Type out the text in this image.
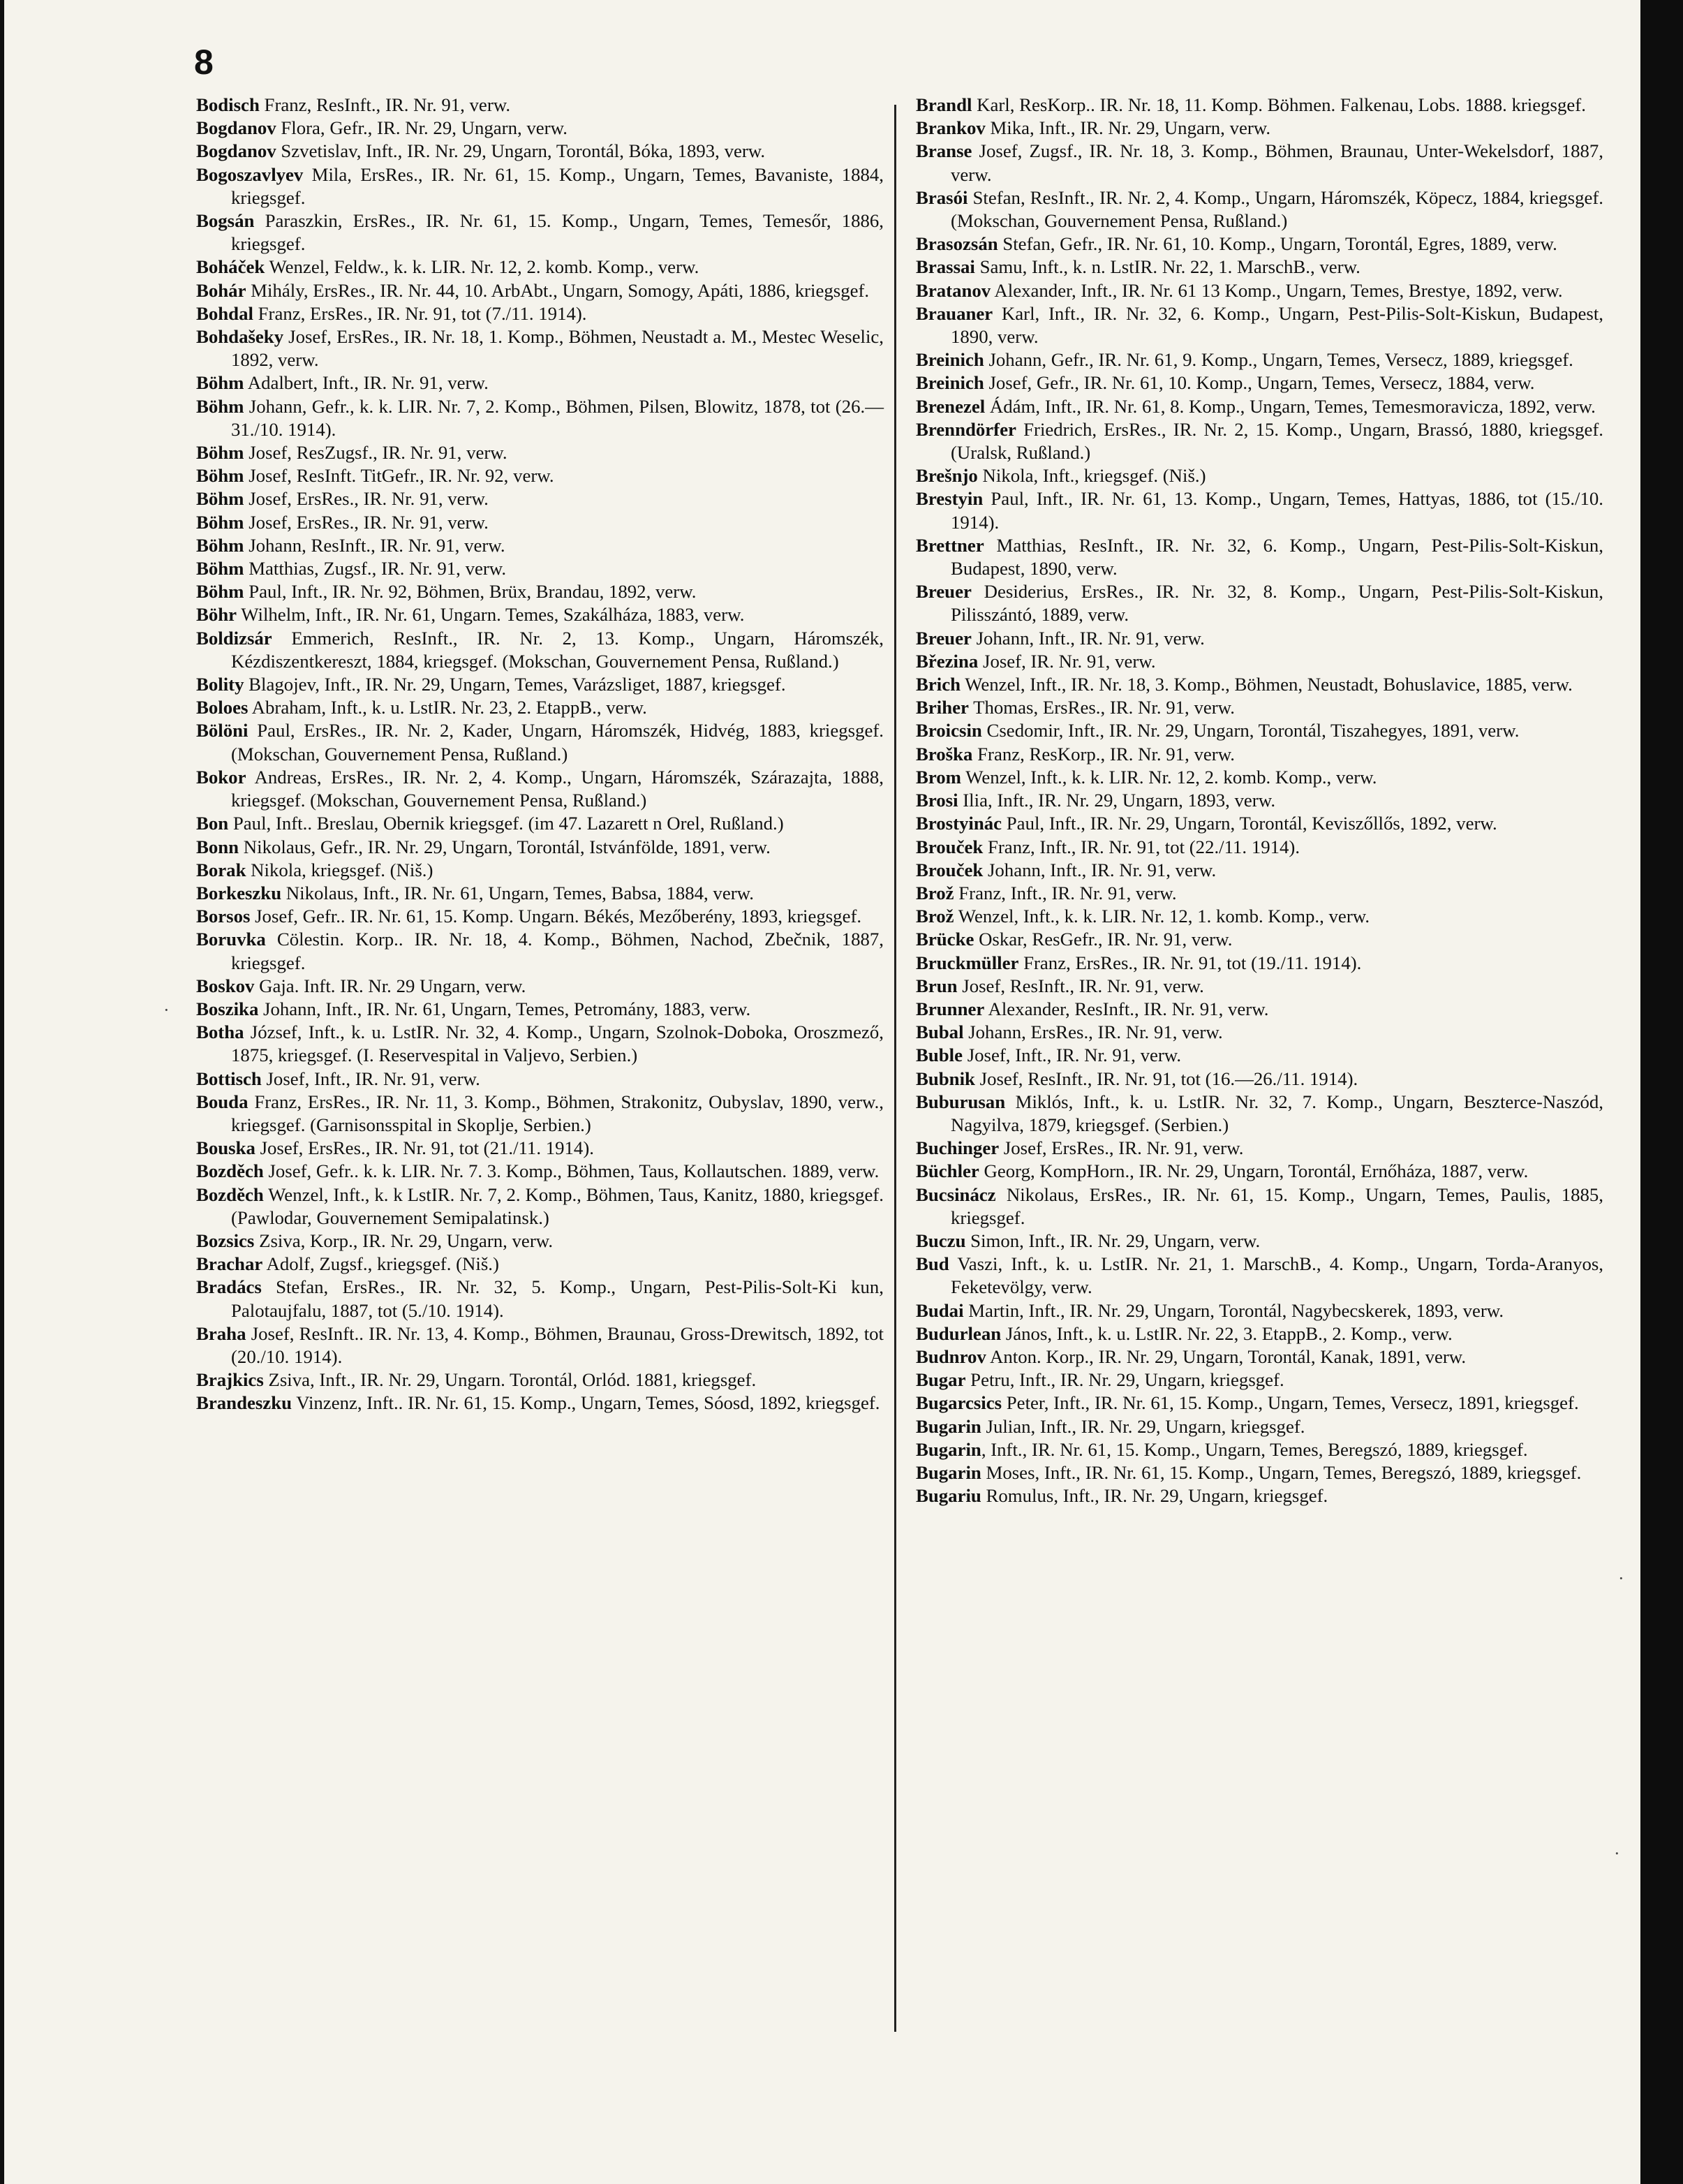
8

Bodisch Franz, ResInft., IR. Nr. 91, verw.

Bogdanov Flora, Gefr., IR. Nr. 29, Ungarn, verw.

Bogdanov Szvetislav, Inft., IR. Nr. 29, Ungarn, Torontál, Bóka, 1893, verw.

Bogoszavlyev Mila, ErsRes., IR. Nr. 61, 15. Komp., Ungarn, Temes, Bavaniste, 1884, kriegsgef.

Bogsán Paraszkin, ErsRes., IR. Nr. 61, 15. Komp., Ungarn, Temes, Temesőr, 1886, kriegsgef.

Boháček Wenzel, Feldw., k. k. LIR. Nr. 12, 2. komb. Komp., verw.

Bohár Mihály, ErsRes., IR. Nr. 44, 10. ArbAbt., Ungarn, Somogy, Apáti, 1886, kriegsgef.

Bohdal Franz, ErsRes., IR. Nr. 91, tot (7./11. 1914).

Bohdašeky Josef, ErsRes., IR. Nr. 18, 1. Komp., Böhmen, Neustadt a. M., Mestec Weselic, 1892, verw.

Böhm Adalbert, Inft., IR. Nr. 91, verw.

Böhm Johann, Gefr., k. k. LIR. Nr. 7, 2. Komp., Böhmen, Pilsen, Blowitz, 1878, tot (26.—31./10. 1914).

Böhm Josef, ResZugsf., IR. Nr. 91, verw.

Böhm Josef, ResInft. TitGefr., IR. Nr. 92, verw.

Böhm Josef, ErsRes., IR. Nr. 91, verw.

Böhm Josef, ErsRes., IR. Nr. 91, verw.

Böhm Johann, ResInft., IR. Nr. 91, verw.

Böhm Matthias, Zugsf., IR. Nr. 91, verw.

Böhm Paul, Inft., IR. Nr. 92, Böhmen, Brüx, Brandau, 1892, verw.

Böhr Wilhelm, Inft., IR. Nr. 61, Ungarn. Temes, Szakálháza, 1883, verw.

Boldizsár Emmerich, ResInft., IR. Nr. 2, 13. Komp., Ungarn, Háromszék, Kézdiszentkereszt, 1884, kriegsgef. (Mokschan, Gouvernement Pensa, Rußland.)

Bolity Blagojev, Inft., IR. Nr. 29, Ungarn, Temes, Varázsliget, 1887, kriegsgef.

Boloes Abraham, Inft., k. u. LstIR. Nr. 23, 2. EtappB., verw.

Bölöni Paul, ErsRes., IR. Nr. 2, Kader, Ungarn, Háromszék, Hidvég, 1883, kriegsgef. (Mokschan, Gouvernement Pensa, Rußland.)

Bokor Andreas, ErsRes., IR. Nr. 2, 4. Komp., Ungarn, Háromszék, Szárazajta, 1888, kriegsgef. (Mokschan, Gouvernement Pensa, Rußland.)

Bon Paul, Inft.. Breslau, Obernik kriegsgef. (im 47. Lazarett n Orel, Rußland.)

Bonn Nikolaus, Gefr., IR. Nr. 29, Ungarn, Torontál, Istvánföld‌e, 1891, verw.

Borak Nikola, kriegsgef. (Niš.)

Borkeszku Nikolaus, Inft., IR. Nr. 61, Ungarn, Temes, Babsa, 1884, verw.

Borsos Josef, Gefr.. IR. Nr. 61, 15. Komp. Ungarn. Békés, Mezőberény, 1893, kriegsgef.

Boruvka Cölestin. Korp.. IR. Nr. 18, 4. Komp., Böhmen, Nachod, Zbečnik, 1887, kriegsgef.

Boskov Gaja. Inft. IR. Nr. 29 Ungarn, verw.

Boszika Johann, Inft., IR. Nr. 61, Ungarn, Temes, Petromány, 1883, verw.

Botha József, Inft., k. u. LstIR. Nr. 32, 4. Komp., Ungarn, Szolnok-Doboka, Oroszmező, 1875, kriegsgef. (I. Reservespital in Valjevo, Serbien.)

Bottisch Josef, Inft., IR. Nr. 91, verw.

Bouda Franz, ErsRes., IR. Nr. 11, 3. Komp., Böhmen, Strakonitz, Oubyslav, 1890, verw., kriegsgef. (Garnisonsspital in Skoplje, Serbien.)

Bouska Josef, ErsRes., IR. Nr. 91, tot (21./11. 1914).

Bozděch Josef, Gefr.. k. k. LIR. Nr. 7. 3. Komp., Böhmen, Taus, Kollautschen. 1889, verw.

Bozděch Wenzel, Inft., k. k LstIR. Nr. 7, 2. Komp., Böhmen, Taus, Kanitz, 1880, kriegsgef. (Pawlodar, Gouvernement Semipalatinsk.)

Bozsics Zsiva, Korp., IR. Nr. 29, Ungarn, verw.

Brachar Adolf, Zugsf., kriegsgef. (Niš.)

Bradács Stefan, ErsRes., IR. Nr. 32, 5. Komp., Ungarn, Pest-Pilis-Solt-Ki kun, Palotaujfalu, 1887, tot (5./10. 1914).

Braha Josef, ResInft.. IR. Nr. 13, 4. Komp., Böhmen, Braunau, Gross-Drewitsch, 1892, tot (20./10. 1914).

Brajkics Zsiva, Inft., IR. Nr. 29, Ungarn. Torontál, Orlód. 1881, kriegsgef.

Brandeszku Vinzenz, Inft.. IR. Nr. 61, 15. Komp., Ungarn, Temes, Sóosd, 1892, kriegsgef.

Brandl Karl, ResKorp.. IR. Nr. 18, 11. Komp. Böhmen. Falkenau, Lobs. 1888. kriegsgef.

Brankov Mika, Inft., IR. Nr. 29, Ungarn, verw.

Branse Josef, Zugsf., IR. Nr. 18, 3. Komp., Böhmen, Braunau, Unter-Wekelsdorf, 1887, verw.

Brasói Stefan, ResInft., IR. Nr. 2, 4. Komp., Ungarn, Háromszék, Köpecz, 1884, kriegsgef. (Mokschan, Gouvernement Pensa, Rußland.)

Brasozsán Stefan, Gefr., IR. Nr. 61, 10. Komp., Ungarn, Torontál, Egres, 1889, verw.

Brassai Samu, Inft., k. n. LstIR. Nr. 22, 1. MarschB., verw.

Bratanov Alexander, Inft., IR. Nr. 61 13 Komp., Ungarn, Temes, Brestye, 1892, verw.

Brauaner Karl, Inft., IR. Nr. 32, 6. Komp., Ungarn, Pest-Pilis-Solt-Kiskun, Budapest, 1890, verw.

Breinich Johann, Gefr., IR. Nr. 61, 9. Komp., Ungarn, Temes, Versecz, 1889, kriegsgef.

Breinich Josef, Gefr., IR. Nr. 61, 10. Komp., Ungarn, Temes, Versecz, 1884, verw.

Brenezel Ádám, Inft., IR. Nr. 61, 8. Komp., Ungarn, Temes, Temesmoravicza, 1892, verw.

Brenndörfer Friedrich, ErsRes., IR. Nr. 2, 15. Komp., Ungarn, Brassó, 1880, kriegsgef. (Uralsk, Rußland.)

Brešnjo Nikola, Inft., kriegsgef. (Niš.)

Brestyin Paul, Inft., IR. Nr. 61, 13. Komp., Ungarn, Temes, Hattyas, 1886, tot (15./10. 1914).

Brettner Matthias, ResInft., IR. Nr. 32, 6. Komp., Ungarn, Pest-Pilis-Solt-Kiskun, Budapest, 1890, verw.

Breuer Desiderius, ErsRes., IR. Nr. 32, 8. Komp., Ungarn, Pest-Pilis-Solt-Kiskun, Pilisszántó, 1889, verw.

Breuer Johann, Inft., IR. Nr. 91, verw.

Březina Josef, IR. Nr. 91, verw.

Brich Wenzel, Inft., IR. Nr. 18, 3. Komp., Böhmen, Neustadt, Bohuslavice, 1885, verw.

Briher Thomas, ErsRes., IR. Nr. 91, verw.

Broicsin Csedomir, Inft., IR. Nr. 29, Ungarn, Torontál, Tiszahegyes, 1891, verw.

Broška Franz, ResKorp., IR. Nr. 91, verw.

Brom Wenzel, Inft., k. k. LIR. Nr. 12, 2. komb. Komp., verw.

Brosi Ilia, Inft., IR. Nr. 29, Ungarn, 1893, verw.

Brostyinác Paul, Inft., IR. Nr. 29, Ungarn, Torontál, Keviszőllős, 1892, verw.

Brouček Franz, Inft., IR. Nr. 91, tot (22./11. 1914).

Brouček Johann, Inft., IR. Nr. 91, verw.

Brož Franz, Inft., IR. Nr. 91, verw.

Brož Wenzel, Inft., k. k. LIR. Nr. 12, 1. komb. Komp., verw.

Brücke Oskar, ResGefr., IR. Nr. 91, verw.

Bruckmüller Franz, ErsRes., IR. Nr. 91, tot (19./11. 1914).

Brun Josef, ResInft., IR. Nr. 91, verw.

Brunner Alexander, ResInft., IR. Nr. 91, verw.

Bubal Johann, ErsRes., IR. Nr. 91, verw.

Buble Josef, Inft., IR. Nr. 91, verw.

Bubnik Josef, ResInft., IR. Nr. 91, tot (16.—26./11. 1914).

Buburusan Miklós, Inft., k. u. LstIR. Nr. 32, 7. Komp., Ungarn, Beszterce-Naszód, Nagyilva, 1879, kriegsgef. (Serbien.)

Buchinger Josef, ErsRes., IR. Nr. 91, verw.

Büchler Georg, KompHorn., IR. Nr. 29, Ungarn, Torontál, Ernőháza, 1887, verw.

Bucsinácz Nikolaus, ErsRes., IR. Nr. 61, 15. Komp., Ungarn, Temes, Paulis, 1885, kriegsgef.

Buczu Simon, Inft., IR. Nr. 29, Ungarn, verw.

Bud Vaszi, Inft., k. u. LstIR. Nr. 21, 1. MarschB., 4. Komp., Ungarn, Torda-Aranyos, Feketevölgy, verw.

Budai Martin, Inft., IR. Nr. 29, Ungarn, Torontál, Nagybecskerek, 1893, verw.

Budurlean János, Inft., k. u. LstIR. Nr. 22, 3. EtappB., 2. Komp., verw.

Budnrov Anton. Korp., IR. Nr. 29, Ungarn, Torontál, Kanak, 1891, verw.

Bugar Petru, Inft., IR. Nr. 29, Ungarn, kriegsgef.

Bugarcsics Peter, Inft., IR. Nr. 61, 15. Komp., Ungarn, Temes, Versecz, 1891, kriegsgef.

Bugarin Julian, Inft., IR. Nr. 29, Ungarn, kriegsgef.

Bugarin, Inft., IR. Nr. 61, 15. Komp., Ungarn, Temes, Beregszó, 1889, kriegsgef.

Bugarin Moses, Inft., IR. Nr. 61, 15. Komp., Ungarn, Temes, Beregszó, 1889, kriegsgef.

Bugariu Romulus, Inft., IR. Nr. 29, Ungarn, kriegsgef.

·
·
·
